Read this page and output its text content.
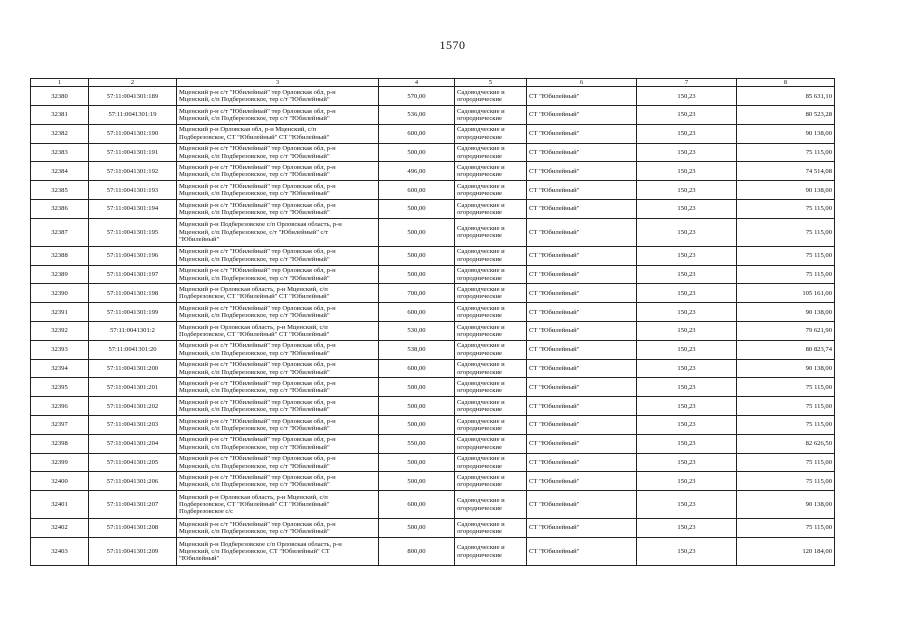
1570
1	2	3	4	5	6	7	8
32380	57:11:0041301:189	Мценский р-н с/т "Юбилейный" тер Орловская обл, р-н
Мценский, с/п Подберезовское, тер с/т "Юбилейный"	570,00	Садоводческие и
огороднические	СТ "Юбилейный"	150,23	85 631,10
32381	57:11:0041301:19	Мценский р-н с/т "Юбилейный" тер Орловская обл, р-н
Мценский, с/п Подберезовское, тер с/т "Юбилейный"	536,00	Садоводческие и
огороднические	СТ "Юбилейный"	150,23	80 523,28
32382	57:11:0041301:190	Мценский р-н Орловская обл, р-н Мценский, с/п
Подберезовское, СТ "Юбилейный" СТ "Юбилейный"	600,00	Садоводческие и
огороднические	СТ "Юбилейный"	150,23	90 138,00
32383	57:11:0041301:191	Мценский р-н с/т "Юбилейный" тер Орловская обл, р-н
Мценский, с/п Подберезовское, тер с/т "Юбилейный"	500,00	Садоводческие и
огороднические	СТ "Юбилейный"	150,23	75 115,00
32384	57:11:0041301:192	Мценский р-н с/т "Юбилейный" тер Орловская обл, р-н
Мценский, с/п Подберезовское, тер с/т "Юбилейный"	496,00	Садоводческие и
огороднические	СТ "Юбилейный"	150,23	74 514,08
32385	57:11:0041301:193	Мценский р-н с/т "Юбилейный" тер Орловская обл, р-н
Мценский, с/п Подберезовское, тер с/т "Юбилейный"	600,00	Садоводческие и
огороднические	СТ "Юбилейный"	150,23	90 138,00
32386	57:11:0041301:194	Мценский р-н с/т "Юбилейный" тер Орловская обл, р-н
Мценский, с/п Подберезовское, тер с/т "Юбилейный"	500,00	Садоводческие и
огороднические	СТ "Юбилейный"	150,23	75 115,00
32387	57:11:0041301:195	Мценский р-н Подберезовское с/п Орловская область, р-н
Мценский, с/п Подберезовское, с/т "Юбилейный" с/т
"Юбилейный"	500,00	Садоводческие и
огороднические	СТ "Юбилейный"	150,23	75 115,00
32388	57:11:0041301:196	Мценский р-н с/т "Юбилейный" тер Орловская обл, р-н
Мценский, с/п Подберезовское, тер с/т "Юбилейный"	500,00	Садоводческие и
огороднические	СТ "Юбилейный"	150,23	75 115,00
32389	57:11:0041301:197	Мценский р-н с/т "Юбилейный" тер Орловская обл, р-н
Мценский, с/п Подберезовское, тер с/т "Юбилейный"	500,00	Садоводческие и
огороднические	СТ "Юбилейный"	150,23	75 115,00
32390	57:11:0041301:198	Мценский р-н Орловская область, р-н Мценский, с/п
Подберезовское, СТ "Юбилейный" СТ "Юбилейный"	700,00	Садоводческие и
огороднические	СТ "Юбилейный"	150,23	105 161,00
32391	57:11:0041301:199	Мценский р-н с/т "Юбилейный" тер Орловская обл, р-н
Мценский, с/п Подберезовское, тер с/т "Юбилейный"	600,00	Садоводческие и
огороднические	СТ "Юбилейный"	150,23	90 138,00
32392	57:11:0041301:2	Мценский р-н Орловская область, р-н Мценский, с/п
Подберезовское, СТ "Юбилейный" СТ "Юбилейный"	530,00	Садоводческие и
огороднические	СТ "Юбилейный"	150,23	79 621,90
32393	57:11:0041301:20	Мценский р-н с/т "Юбилейный" тер Орловская обл, р-н
Мценский, с/п Подберезовское, тер с/т "Юбилейный"	538,00	Садоводческие и
огороднические	СТ "Юбилейный"	150,23	80 823,74
32394	57:11:0041301:200	Мценский р-н с/т "Юбилейный" тер Орловская обл, р-н
Мценский, с/п Подберезовское, тер с/т "Юбилейный"	600,00	Садоводческие и
огороднические	СТ "Юбилейный"	150,23	90 138,00
32395	57:11:0041301:201	Мценский р-н с/т "Юбилейный" тер Орловская обл, р-н
Мценский, с/п Подберезовское, тер с/т "Юбилейный"	500,00	Садоводческие и
огороднические	СТ "Юбилейный"	150,23	75 115,00
32396	57:11:0041301:202	Мценский р-н с/т "Юбилейный" тер Орловская обл, р-н
Мценский, с/п Подберезовское, тер с/т "Юбилейный"	500,00	Садоводческие и
огороднические	СТ "Юбилейный"	150,23	75 115,00
32397	57:11:0041301:203	Мценский р-н с/т "Юбилейный" тер Орловская обл, р-н
Мценский, с/п Подберезовское, тер с/т "Юбилейный"	500,00	Садоводческие и
огороднические	СТ "Юбилейный"	150,23	75 115,00
32398	57:11:0041301:204	Мценский р-н с/т "Юбилейный" тер Орловская обл, р-н
Мценский, с/п Подберезовское, тер с/т "Юбилейный"	550,00	Садоводческие и
огороднические	СТ "Юбилейный"	150,23	82 626,50
32399	57:11:0041301:205	Мценский р-н с/т "Юбилейный" тер Орловская обл, р-н
Мценский, с/п Подберезовское, тер с/т "Юбилейный"	500,00	Садоводческие и
огороднические	СТ "Юбилейный"	150,23	75 115,00
32400	57:11:0041301:206	Мценский р-н с/т "Юбилейный" тер Орловская обл, р-н
Мценский, с/п Подберезовское, тер с/т "Юбилейный"	500,00	Садоводческие и
огороднические	СТ "Юбилейный"	150,23	75 115,00
32401	57:11:0041301:207	Мценский р-н Орловская область, р-н Мценский, с/п
Подберезовское, СТ "Юбилейный" СТ "Юбилейный"
Подберезовское с/с	600,00	Садоводческие и
огороднические	СТ "Юбилейный"	150,23	90 138,00
32402	57:11:0041301:208	Мценский р-н с/т "Юбилейный" тер Орловская обл, р-н
Мценский, с/п Подберезовское, тер с/т "Юбилейный"	500,00	Садоводческие и
огороднические	СТ "Юбилейный"	150,23	75 115,00
32403	57:11:0041301:209	Мценский р-н Подберезовское с/п Орловская область, р-н
Мценский, с/п Подберезовское, СТ "Юбилейный" СТ
"Юбилейный"	800,00	Садоводческие и
огороднические	СТ "Юбилейный"	150,23	120 184,00
